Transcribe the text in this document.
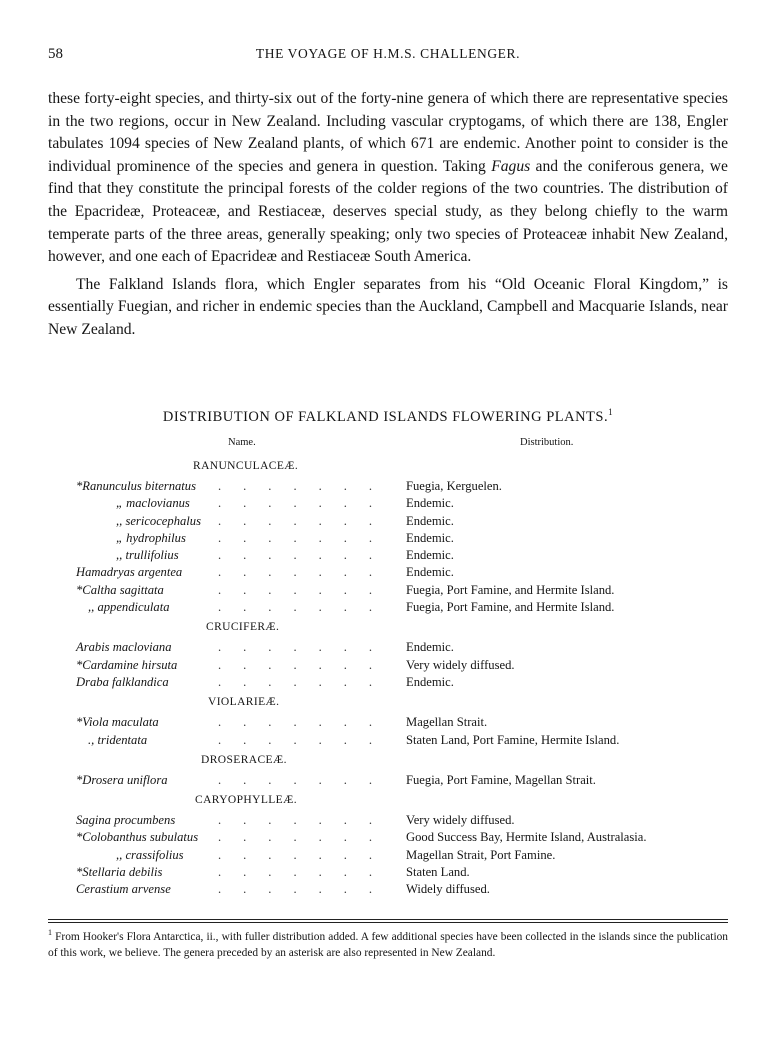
58	THE VOYAGE OF H.M.S. CHALLENGER.

these forty-eight species, and thirty-six out of the forty-nine genera of which there are representative species in the two regions, occur in New Zealand. Including vascular cryptogams, of which there are 138, Engler tabulates 1094 species of New Zealand plants, of which 671 are endemic. Another point to consider is the individual prominence of the species and genera in question. Taking Fagus and the coniferous genera, we find that they constitute the principal forests of the colder regions of the two countries. The distribution of the Epacrideæ, Proteaceæ, and Restiaceæ, deserves special study, as they belong chiefly to the warm temperate parts of the three areas, generally speaking; only two species of Proteaceæ inhabit New Zealand, however, and one each of Epacrideæ and Restiaceæ South America.

The Falkland Islands flora, which Engler separates from his “Old Oceanic Floral Kingdom,” is essentially Fuegian, and richer in endemic species than the Auckland, Campbell and Macquarie Islands, near New Zealand.

DISTRIBUTION OF FALKLAND ISLANDS FLOWERING PLANTS.$^1$
Name.	Distribution.
RANUNCULACEÆ.
*Ranunculus biternatus ....... Fuegia, Kerguelen.
„ maclovianus ....... Endemic.
,, sericocephalus ....... Endemic.
„ hydrophilus	....... Endemic.
,, trullifolius	....... Endemic.
Hamadryas argentea	....... Endemic.
*Caltha sagittata	....... Fuegia, Port Famine, and Hermite Island.
,, appendiculata	....... Fuegia, Port Famine, and Hermite Island.
CRUCIFERÆ.
Arabis macloviana	....... Endemic.
*Cardamine hirsuta	....... Very widely diffused.
Draba falklandica	....... Endemic.
VIOLARIEÆ.
*Viola maculata	....... Magellan Strait.
., tridentata	....... Staten Land, Port Famine, Hermite Island.
DROSERACEÆ.
*Drosera uniflora	....... Fuegia, Port Famine, Magellan Strait.
CARYOPHYLLEÆ.
Sagina procumbens	....... Very widely diffused.
*Colobanthus subulatus ....... Good Success Bay, Hermite Island, Australasia.
,, crassifolius	....... Magellan Strait, Port Famine.
*Stellaria debilis	....... Staten Land.
Cerastium arvense	....... Widely diffused.
$^1$ From Hooker's Flora Antarctica, ii., with fuller distribution added. A few additional species have been collected in the islands since the publication of this work, we believe. The genera preceded by an asterisk are also represented in New Zealand.
